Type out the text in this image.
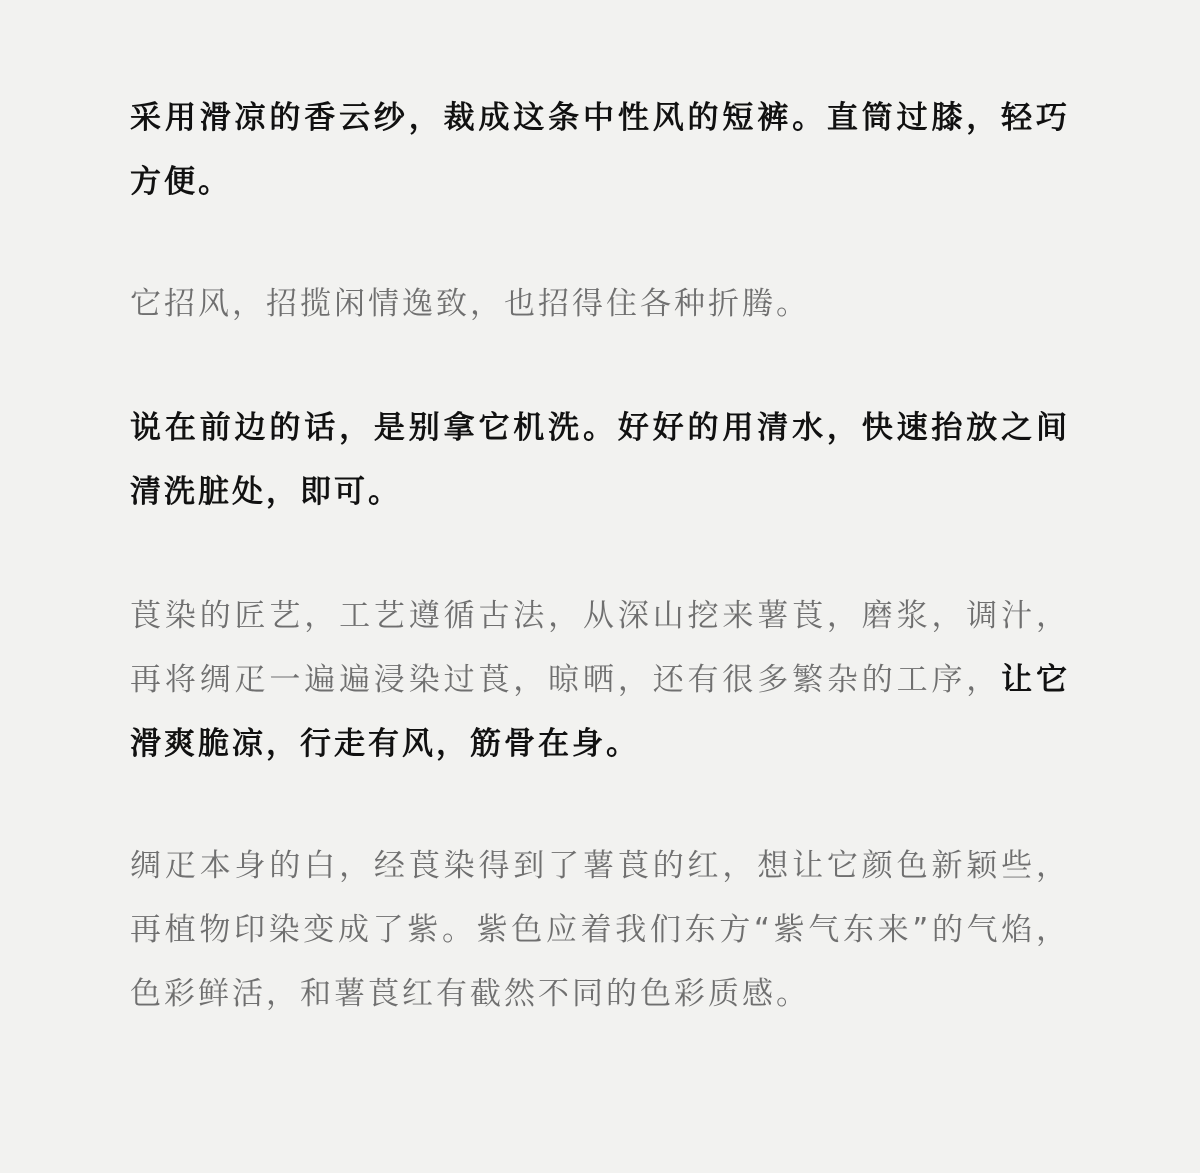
采用滑凉的香云纱，裁成这条中性风的短裤。直筒过膝，轻巧方便。

它招风，招揽闲情逸致，也招得住各种折腾。

说在前边的话，是别拿它机洗。好好的用清水，快速抬放之间清洗脏处，即可。

莨染的匠艺，工艺遵循古法，从深山挖来薯莨，磨浆，调汁，再将绸疋一遍遍浸染过莨，晾晒，还有很多繁杂的工序，让它滑爽脆凉，行走有风，筋骨在身。

绸疋本身的白，经莨染得到了薯莨的红，想让它颜色新颖些，再植物印染变成了紫。紫色应着我们东方“紫气东来”的气焰，色彩鲜活，和薯莨红有截然不同的色彩质感。
